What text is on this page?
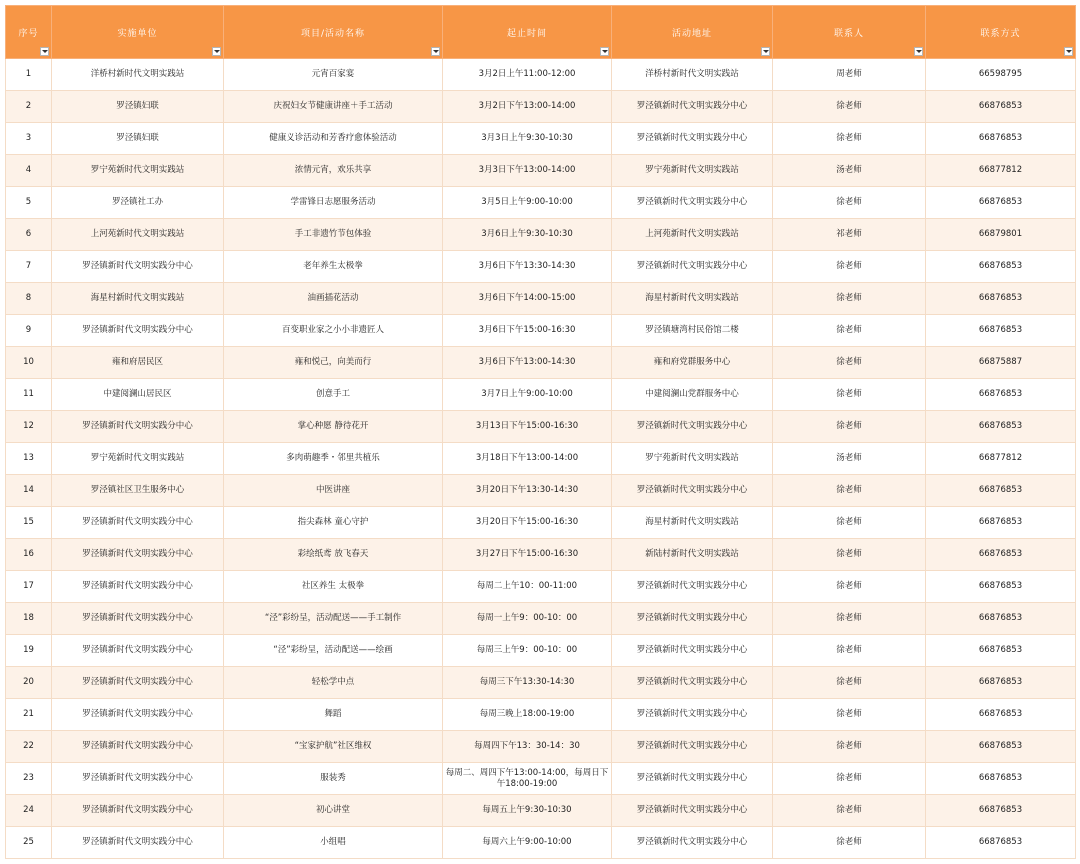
序号	实施单位	项目/活动名称	起止时间	活动地址	联系人	联系方式

1	洋桥村新时代文明实践站	元宵百家宴	3月2日上午11:00-12:00	洋桥村新时代文明实践站	周老师	66598795
2	罗泾镇妇联	庆祝妇女节健康讲座＋手工活动	3月2日下午13:00-14:00	罗泾镇新时代文明实践分中心	徐老师	66876853
3	罗泾镇妇联	健康义诊活动和芳香疗愈体验活动	3月3日上午9:30-10:30	罗泾镇新时代文明实践分中心	徐老师	66876853
4	罗宁苑新时代文明实践站	浓情元宵，欢乐共享	3月3日下午13:00-14:00	罗宁苑新时代文明实践站	汤老师	66877812
5	罗泾镇社工办	学雷锋日志愿服务活动	3月5日上午9:00-10:00	罗泾镇新时代文明实践分中心	徐老师	66876853
6	上河苑新时代文明实践站	手工非遗竹节包体验	3月6日上午9:30-10:30	上河苑新时代文明实践站	祁老师	66879801
7	罗泾镇新时代文明实践分中心	老年养生太极拳	3月6日下午13:30-14:30	罗泾镇新时代文明实践分中心	徐老师	66876853
8	海星村新时代文明实践站	油画插花活动	3月6日下午14:00-15:00	海星村新时代文明实践站	徐老师	66876853
9	罗泾镇新时代文明实践分中心	百变职业家之小小非遗匠人	3月6日下午15:00-16:30	罗泾镇塘湾村民俗馆二楼	徐老师	66876853
10	雍和府居民区	雍和悦己，向美而行	3月6日下午13:00-14:30	雍和府党群服务中心	徐老师	66875887
11	中建阅澜山居民区	创意手工	3月7日上午9:00-10:00	中建阅澜山党群服务中心	徐老师	66876853
12	罗泾镇新时代文明实践分中心	掌心种愿 静待花开	3月13日下午15:00-16:30	罗泾镇新时代文明实践分中心	徐老师	66876853
13	罗宁苑新时代文明实践站	多肉萌趣季・邻里共植乐	3月18日下午13:00-14:00	罗宁苑新时代文明实践站	汤老师	66877812
14	罗泾镇社区卫生服务中心	中医讲座	3月20日下午13:30-14:30	罗泾镇新时代文明实践分中心	徐老师	66876853
15	罗泾镇新时代文明实践分中心	指尖森林 童心守护	3月20日下午15:00-16:30	海星村新时代文明实践站	徐老师	66876853
16	罗泾镇新时代文明实践分中心	彩绘纸鸢 放飞春天	3月27日下午15:00-16:30	新陆村新时代文明实践站	徐老师	66876853
17	罗泾镇新时代文明实践分中心	社区养生 太极拳	每周二上午10：00-11:00	罗泾镇新时代文明实践分中心	徐老师	66876853
18	罗泾镇新时代文明实践分中心	“泾”彩纷呈，活动配送——手工制作	每周一上午9：00-10：00	罗泾镇新时代文明实践分中心	徐老师	66876853
19	罗泾镇新时代文明实践分中心	“泾”彩纷呈，活动配送——绘画	每周三上午9：00-10：00	罗泾镇新时代文明实践分中心	徐老师	66876853
20	罗泾镇新时代文明实践分中心	轻松学中点	每周三下午13:30-14:30	罗泾镇新时代文明实践分中心	徐老师	66876853
21	罗泾镇新时代文明实践分中心	舞蹈	每周三晚上18:00-19:00	罗泾镇新时代文明实践分中心	徐老师	66876853
22	罗泾镇新时代文明实践分中心	“宝家护航”社区维权	每周四下午13：30-14：30	罗泾镇新时代文明实践分中心	徐老师	66876853
23	罗泾镇新时代文明实践分中心	服装秀	每周二、周四下午13:00-14:00，每周日下午18:00-19:00	罗泾镇新时代文明实践分中心	徐老师	66876853
24	罗泾镇新时代文明实践分中心	初心讲堂	每周五上午9:30-10:30	罗泾镇新时代文明实践分中心	徐老师	66876853
25	罗泾镇新时代文明实践分中心	小组唱	每周六上午9:00-10:00	罗泾镇新时代文明实践分中心	徐老师	66876853
